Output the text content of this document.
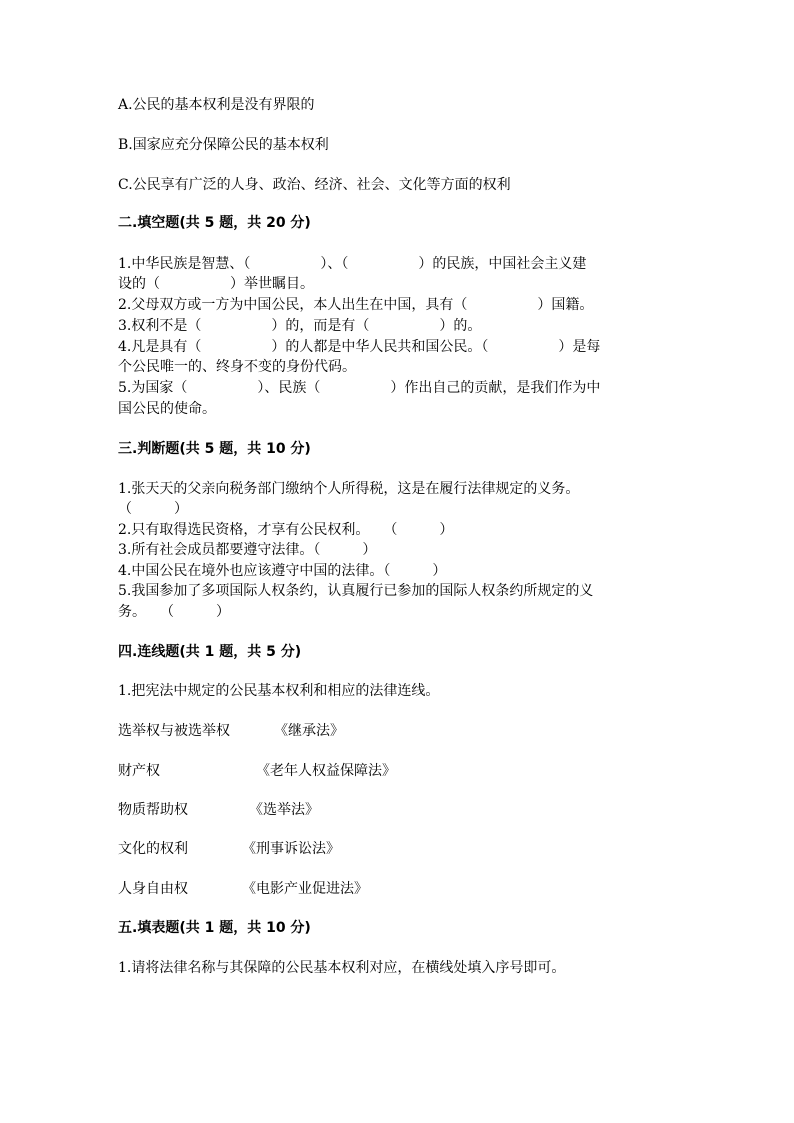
A.公民的基本权利是没有界限的
B.国家应充分保障公民的基本权利
C.公民享有广泛的人身、政治、经济、社会、文化等方面的权利
二.填空题(共 5 题，共 20 分)
1.中华民族是智慧、（　　　　　）、（　　　　　）的民族，中国社会主义建
设的（　　　　　）举世瞩目。
2.父母双方或一方为中国公民，本人出生在中国，具有（　　　　　）国籍。
3.权利不是（　　　　　）的，而是有（　　　　　）的。
4.凡是具有（　　　　　）的人都是中华人民共和国公民。（　　　　　）是每
个公民唯一的、终身不变的身份代码。
5.为国家（　　　　　）、民族（　　　　　）作出自己的贡献，是我们作为中
国公民的使命。
三.判断题(共 5 题，共 10 分)
1.张天天的父亲向税务部门缴纳个人所得税，这是在履行法律规定的义务。
（　　　）
2.只有取得选民资格，才享有公民权利。　　（　　　）
3.所有社会成员都要遵守法律。（　　　）
4.中国公民在境外也应该遵守中国的法律。（　　　）
5.我国参加了多项国际人权条约，认真履行已参加的国际人权条约所规定的义
务。　　（　　　）
四.连线题(共 1 题，共 5 分)
1.把宪法中规定的公民基本权利和相应的法律连线。
选举权与被选举权	《继承法》
财产权	《老年人权益保障法》
物质帮助权	《选举法》
文化的权利	《刑事诉讼法》
人身自由权	《电影产业促进法》
五.填表题(共 1 题，共 10 分)
1.请将法律名称与其保障的公民基本权利对应，在横线处填入序号即可。
